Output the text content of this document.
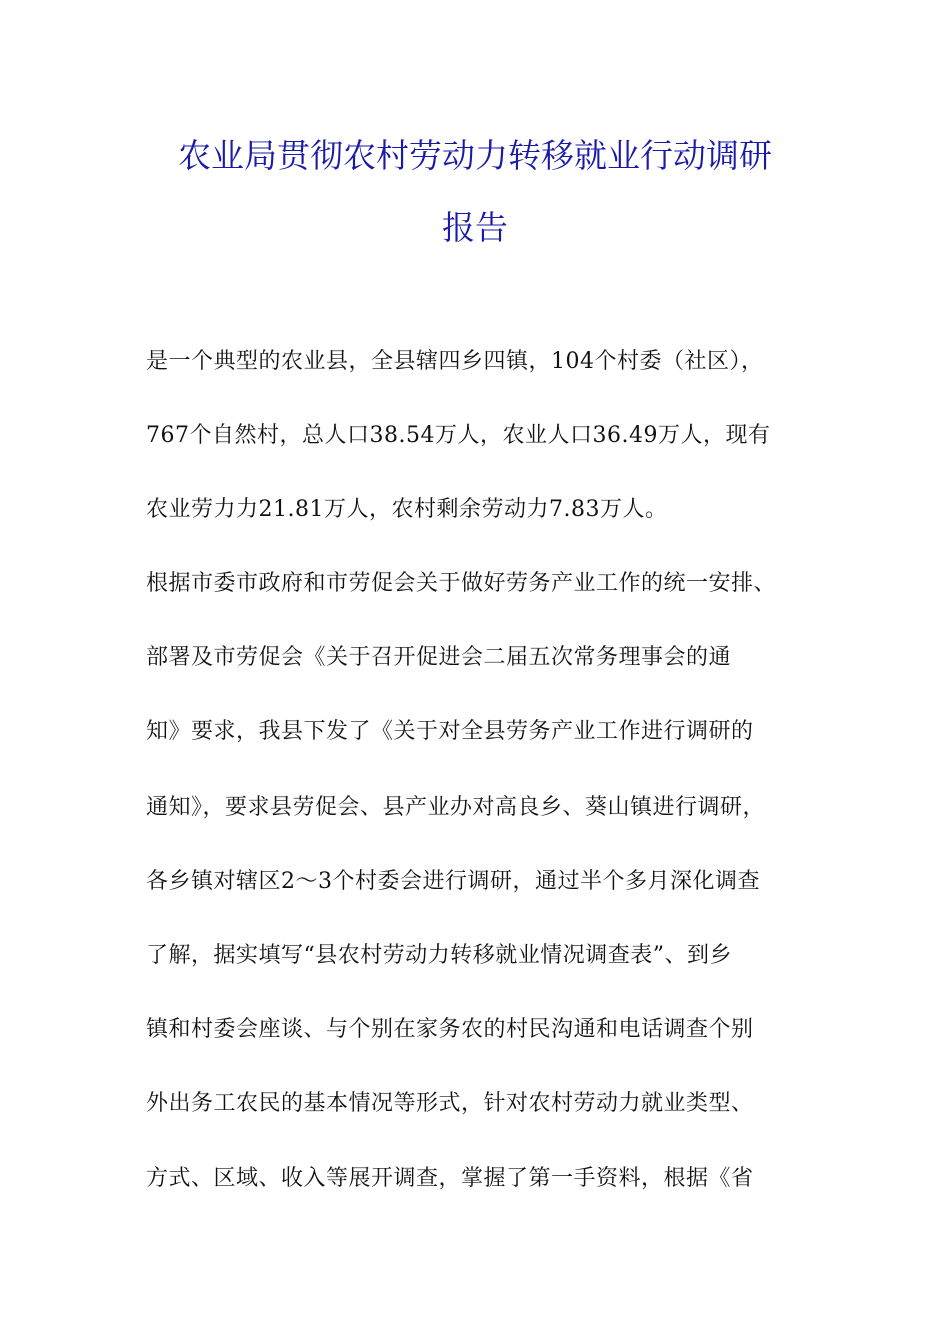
农业局贯彻农村劳动力转移就业行动调研
报告
是一个典型的农业县，全县辖四乡四镇，104个村委（社区），
767个自然村，总人口38.54万人，农业人口36.49万人，现有
农业劳力力21.81万人，农村剩余劳动力7.83万人。
根据市委市政府和市劳促会关于做好劳务产业工作的统一安排、
部署及市劳促会《关于召开促进会二届五次常务理事会的通
知》要求，我县下发了《关于对全县劳务产业工作进行调研的
通知》，要求县劳促会、县产业办对高良乡、葵山镇进行调研，
各乡镇对辖区2～3个村委会进行调研，通过半个多月深化调查
了解，据实填写“县农村劳动力转移就业情况调查表”、到乡
镇和村委会座谈、与个别在家务农的村民沟通和电话调查个别
外出务工农民的基本情况等形式，针对农村劳动力就业类型、
方式、区域、收入等展开调查，掌握了第一手资料，根据《省
